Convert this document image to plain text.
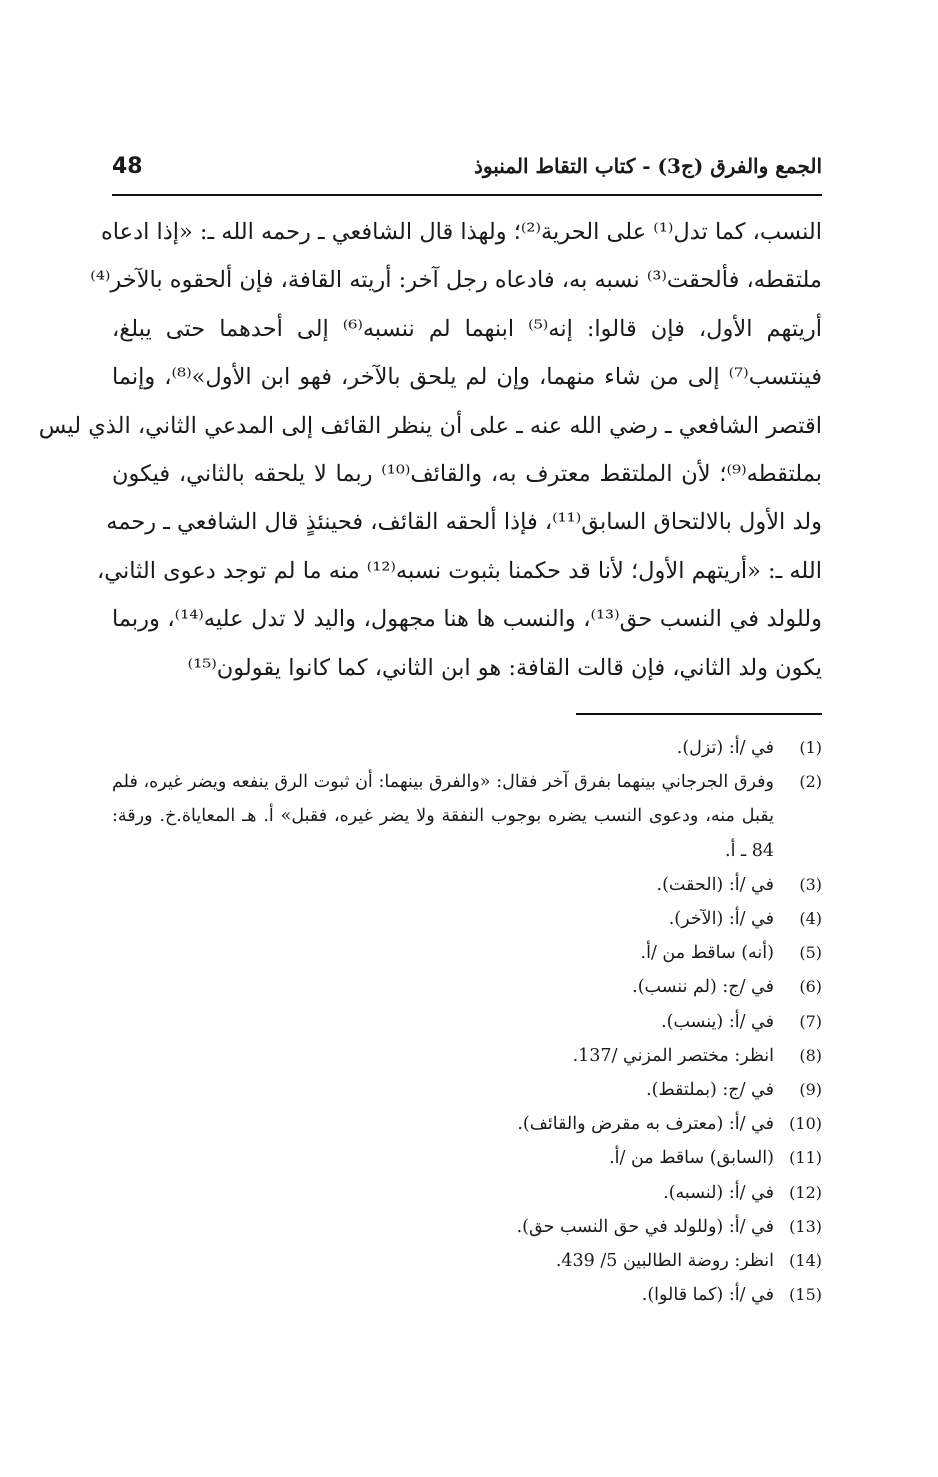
48	الجمع والفرق (ج3) - كتاب التقاط المنبوذ
النسب، كما تدل⁽¹⁾ على الحرية⁽²⁾؛ ولهذا قال الشافعي ـ رحمه الله ـ: «إذا ادعاه
ملتقطه، فألحقت⁽³⁾ نسبه به، فادعاه رجل آخر: أريته القافة، فإن ألحقوه بالآخر⁽⁴⁾
أريتهم الأول، فإن قالوا: إنه⁽⁵⁾ ابنهما لم ننسبه⁽⁶⁾ إلى أحدهما حتى يبلغ،
فينتسب⁽⁷⁾ إلى من شاء منهما، وإن لم يلحق بالآخر، فهو ابن الأول»⁽⁸⁾، وإنما
اقتصر الشافعي ـ رضي الله عنه ـ على أن ينظر القائف إلى المدعي الثاني، الذي ليس
بملتقطه⁽⁹⁾؛ لأن الملتقط معترف به، والقائف⁽¹⁰⁾ ربما لا يلحقه بالثاني، فيكون
ولد الأول بالالتحاق السابق⁽¹¹⁾، فإذا ألحقه القائف، فحينئذٍ قال الشافعي ـ رحمه
الله ـ: «أريتهم الأول؛ لأنا قد حكمنا بثبوت نسبه⁽¹²⁾ منه ما لم توجد دعوى الثاني،
وللولد في النسب حق⁽¹³⁾، والنسب ها هنا مجهول، واليد لا تدل عليه⁽¹⁴⁾، وربما
يكون ولد الثاني، فإن قالت القافة: هو ابن الثاني، كما كانوا يقولون⁽¹⁵⁾
(1)
في /أ: (تزل).
(2)
وفرق الجرجاني بينهما بفرق آخر فقال: «والفرق بينهما: أن ثبوت الرق ينفعه ويضر غيره، فلم يقبل منه، ودعوى النسب يضره بوجوب النفقة ولا يضر غيره، فقبل» أ. هـ المعاياة.خ. ورقة: 84 ـ أ.
(3)
في /أ: (الحقت).
(4)
في /أ: (الآخر).
(5)
(أنه) ساقط من /أ.
(6)
في /ج: (لم ننسب).
(7)
في /أ: (ينسب).
(8)
انظر: مختصر المزني /137.
(9)
في /ج: (بملتقط).
(10)
في /أ: (معترف به مقرض والقائف).
(11)
(السابق) ساقط من /أ.
(12)
في /أ: (لنسبه).
(13)
في /أ: (وللولد في حق النسب حق).
(14)
انظر: روضة الطالبين 5/ 439.
(15)
في /أ: (كما قالوا).
